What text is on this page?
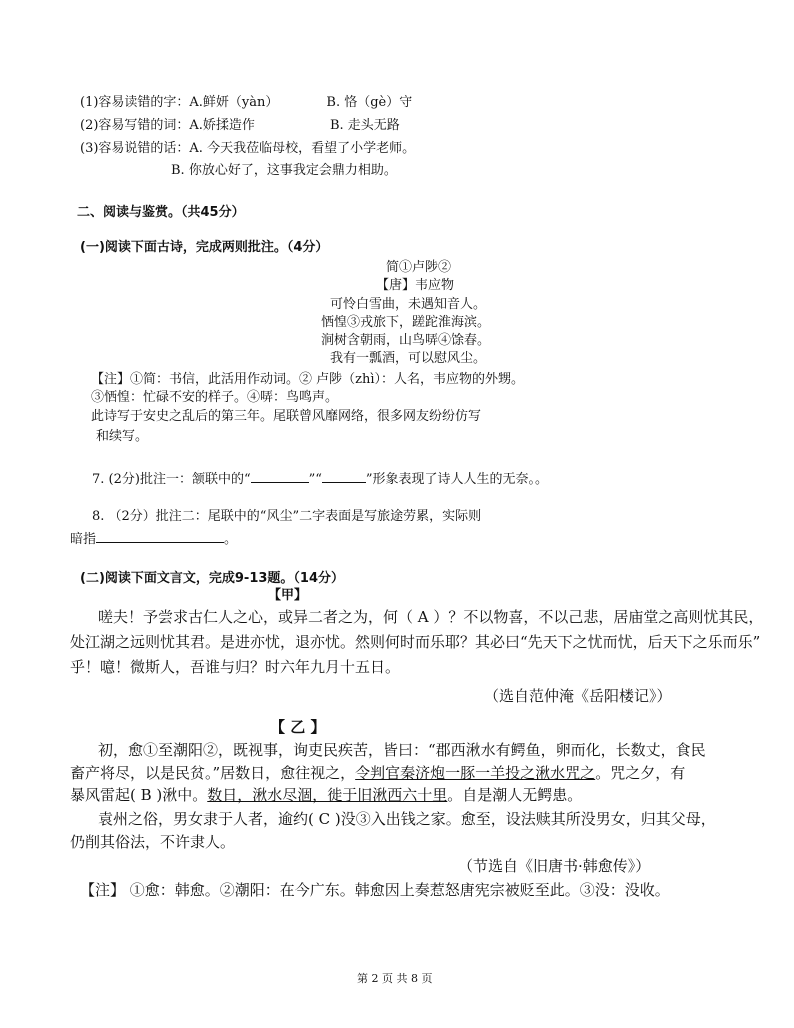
(1)容易读错的字：A.鲜妍（yàn）	B. 恪（gè）守
(2)容易写错的词：A.娇揉造作	B. 走头无路
(3)容易说错的话：A. 今天我莅临母校，看望了小学老师。
B. 你放心好了，这事我定会鼎力相助。
二、阅读与鉴赏。（共45分）
(一)阅读下面古诗，完成两则批注。（4分）
简①卢陟②
【唐】韦应物
可怜白雪曲，未遇知音人。
恓惶③戎旅下，蹉跎淮海滨。
涧树含朝雨，山鸟哢④馀春。
我有一瓢酒，可以慰风尘。
【注】①简：书信，此活用作动词。② 卢陟（zhì）：人名，韦应物的外甥。
③恓惶：忙碌不安的样子。④哢：鸟鸣声。
此诗写于安史之乱后的第三年。尾联曾风靡网络，很多网友纷纷仿写
和续写。
7. (2分)批注一：颔联中的“	”“	”形象表现了诗人人生的无奈。。
8. （2分）批注二：尾联中的“风尘”二字表面是写旅途劳累，实际则
暗指	。
(二)阅读下面文言文，完成9-13题。（14分）
【甲】
嗟夫！予尝求古仁人之心，或异二者之为，何（ A ）？不以物喜，不以己悲，居庙堂之高则忧其民，
处江湖之远则忧其君。是进亦忧，退亦忧。然则何时而乐耶？其必曰“先天下之忧而忧，后天下之乐而乐”
乎！噫！微斯人，吾谁与归？时六年九月十五日。
（选自范仲淹《岳阳楼记》）
【 乙 】
初，愈①至潮阳②，既视事，询吏民疾苦，皆曰：“郡西湫水有鳄鱼，卵而化，长数丈，食民
畜产将尽，以是民贫。”居数日，愈往视之，令判官秦济炮一豚一羊投之湫水咒之。咒之夕，有
暴风雷起( B )湫中。数日，湫水尽涸，徙于旧湫西六十里。自是潮人无鳄患。
袁州之俗，男女隶于人者，逾约( C )没③入出钱之家。愈至，设法赎其所没男女，归其父母，
仍削其俗法，不许隶人。
（节选自《旧唐书·韩愈传》）
【注】 ①愈：韩愈。②潮阳：在今广东。韩愈因上奏惹怒唐宪宗被贬至此。③没：没收。
第 2 页 共 8 页
